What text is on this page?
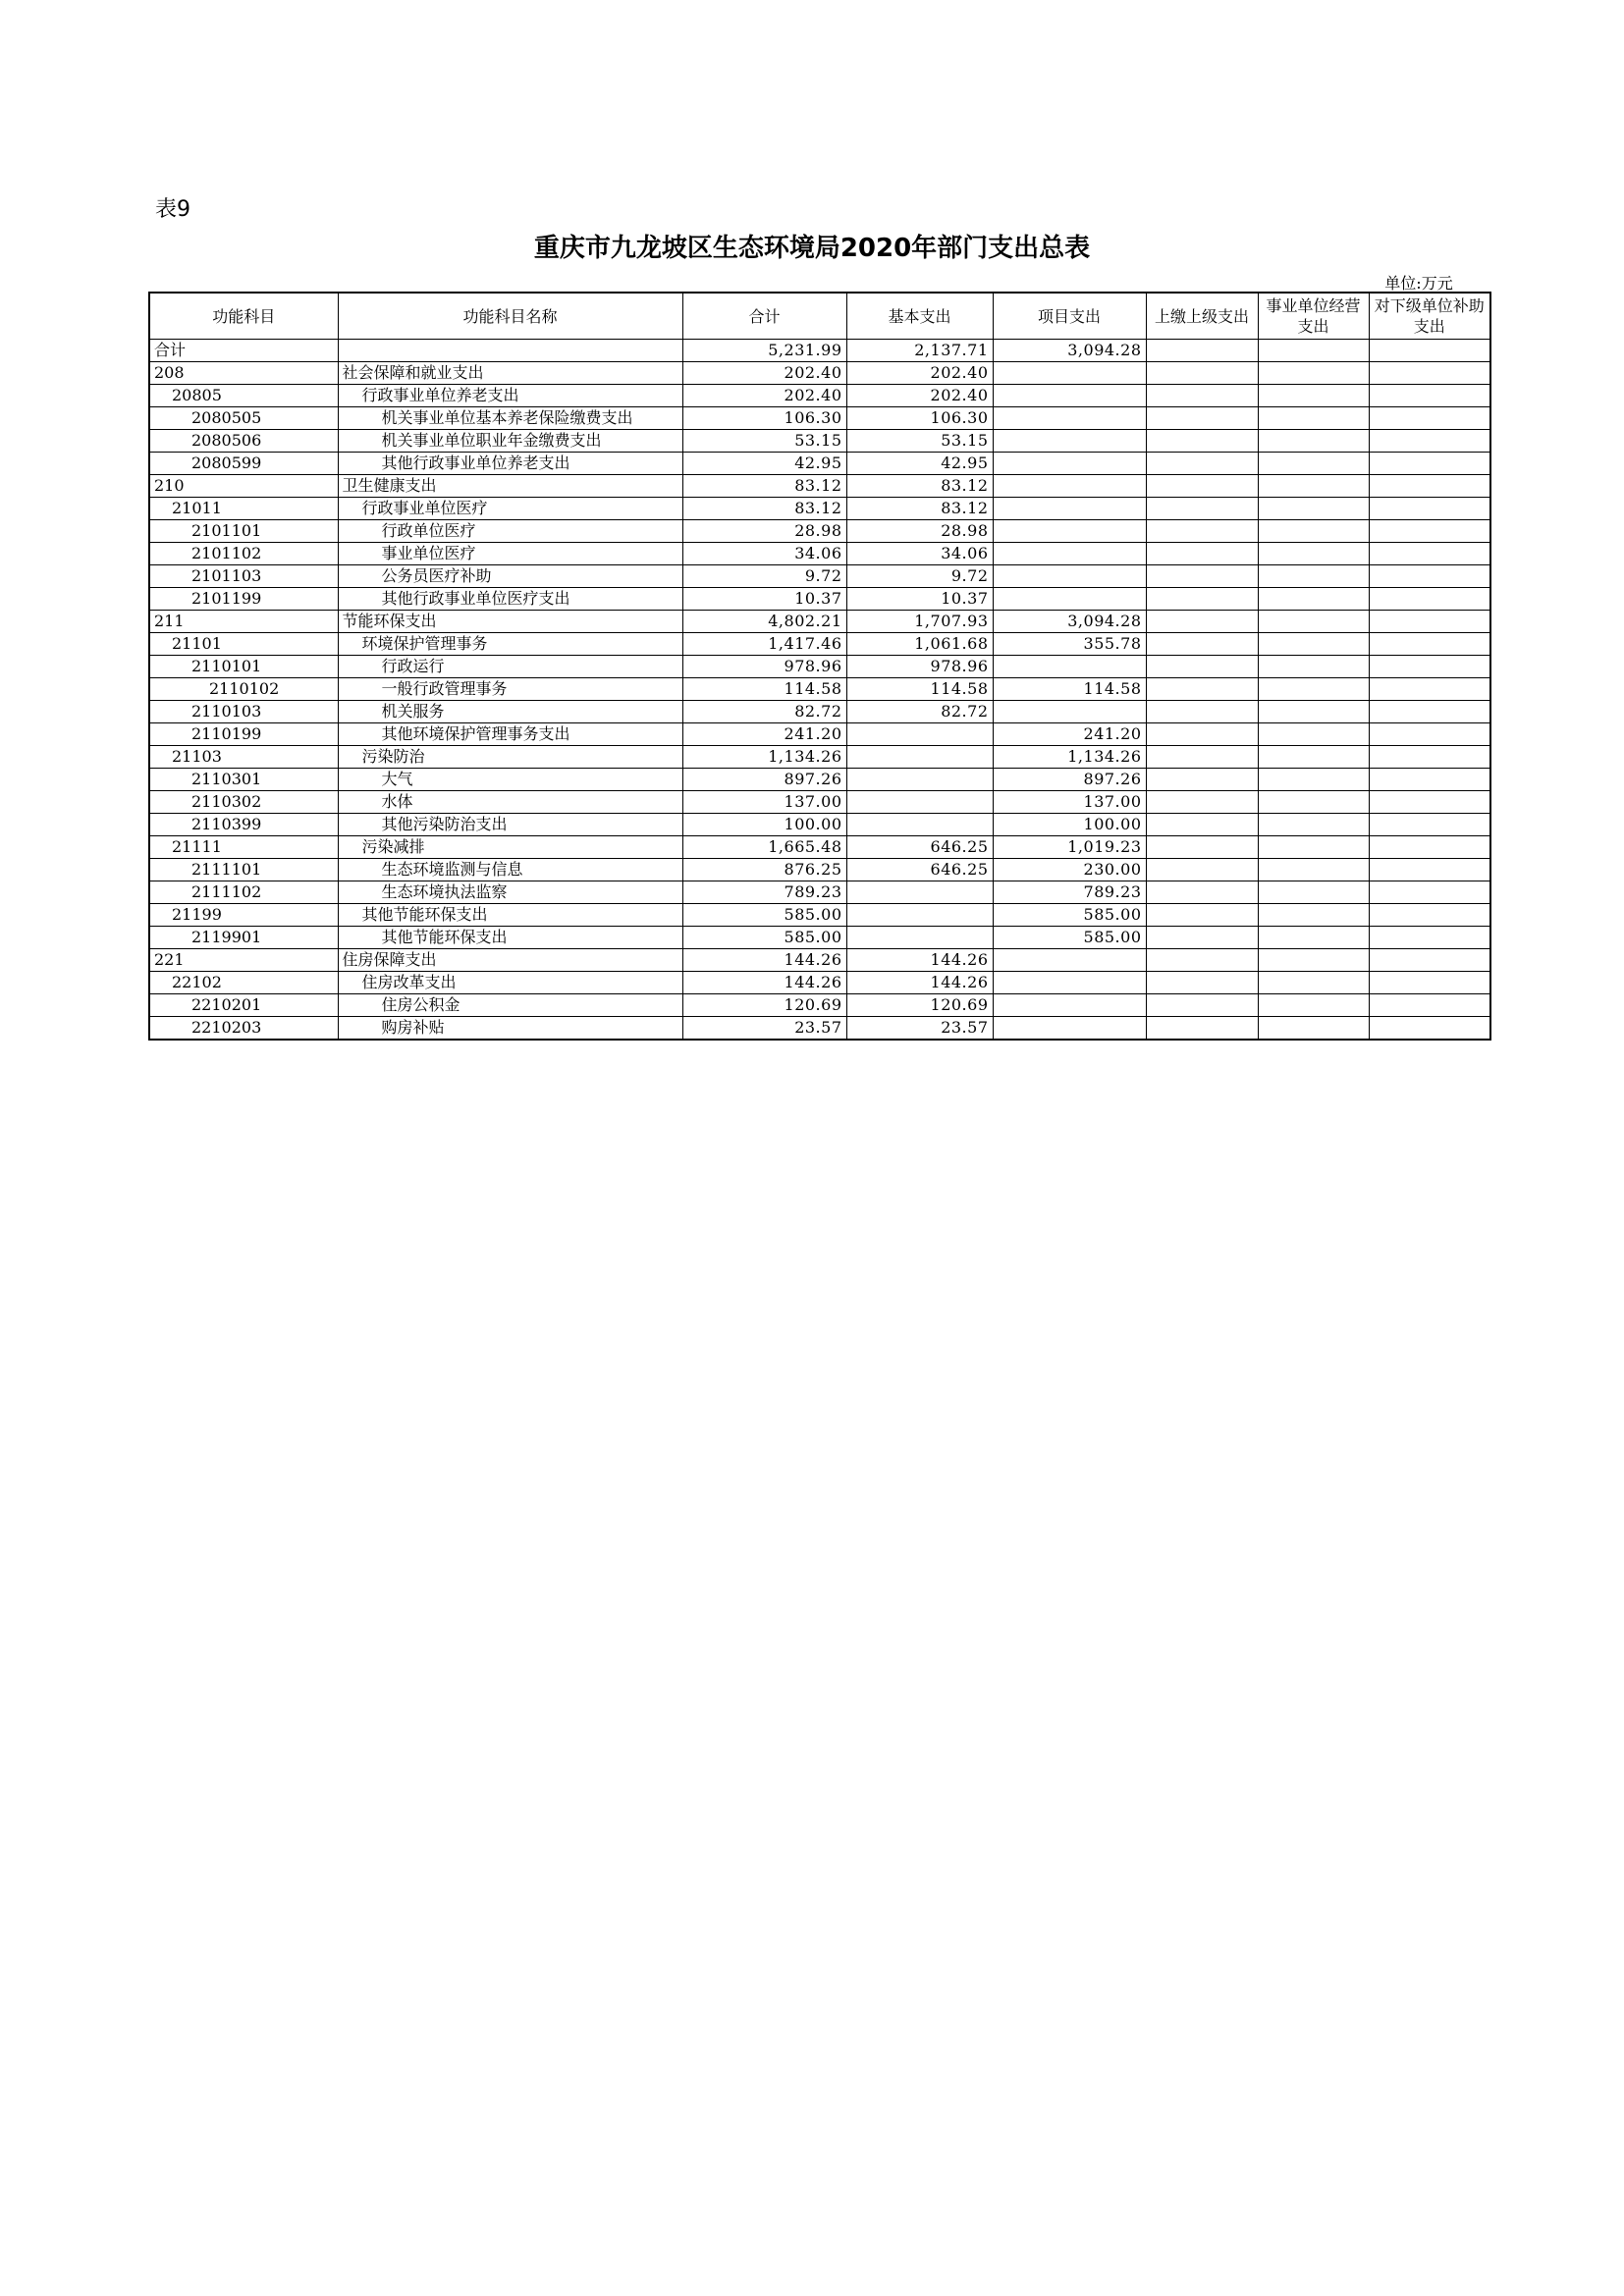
表9
重庆市九龙坡区生态环境局2020年部门支出总表
单位:万元
功能科目	功能科目名称	合计	基本支出	项目支出	上缴上级支出	事业单位经营支出	对下级单位补助支出
合计		5,231.99	2,137.71	3,094.28			
208	社会保障和就业支出	202.40	202.40				
20805	行政事业单位养老支出	202.40	202.40				
2080505	机关事业单位基本养老保险缴费支出	106.30	106.30				
2080506	机关事业单位职业年金缴费支出	53.15	53.15				
2080599	其他行政事业单位养老支出	42.95	42.95				
210	卫生健康支出	83.12	83.12				
21011	行政事业单位医疗	83.12	83.12				
2101101	行政单位医疗	28.98	28.98				
2101102	事业单位医疗	34.06	34.06				
2101103	公务员医疗补助	9.72	9.72				
2101199	其他行政事业单位医疗支出	10.37	10.37				
211	节能环保支出	4,802.21	1,707.93	3,094.28			
21101	环境保护管理事务	1,417.46	1,061.68	355.78			
2110101	行政运行	978.96	978.96				
2110102	一般行政管理事务	114.58	114.58	114.58			
2110103	机关服务	82.72	82.72				
2110199	其他环境保护管理事务支出	241.20		241.20			
21103	污染防治	1,134.26		1,134.26			
2110301	大气	897.26		897.26			
2110302	水体	137.00		137.00			
2110399	其他污染防治支出	100.00		100.00			
21111	污染减排	1,665.48	646.25	1,019.23			
2111101	生态环境监测与信息	876.25	646.25	230.00			
2111102	生态环境执法监察	789.23		789.23			
21199	其他节能环保支出	585.00		585.00			
2119901	其他节能环保支出	585.00		585.00			
221	住房保障支出	144.26	144.26				
22102	住房改革支出	144.26	144.26				
2210201	住房公积金	120.69	120.69				
2210203	购房补贴	23.57	23.57				
